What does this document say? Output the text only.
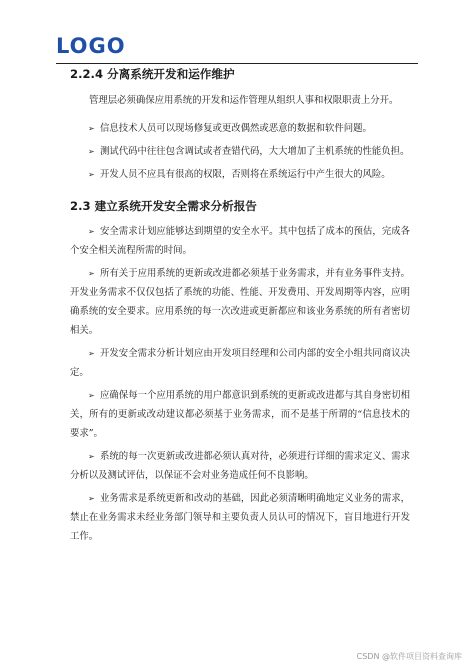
LOGO
2.2.4 分离系统开发和运作维护

管理层必须确保应用系统的开发和运作管理从组织人事和权限职责上分开。

➢ 信息技术人员可以现场修复或更改偶然或恶意的数据和软件问题。
➢ 测试代码中往往包含调试或者查错代码，大大增加了主机系统的性能负担。
➢ 开发人员不应具有很高的权限，否则将在系统运行中产生很大的风险。
2.3 建立系统开发安全需求分析报告
➢ 安全需求计划应能够达到期望的安全水平。其中包括了成本的预估，完成各个安全相关流程所需的时间。
➢ 所有关于应用系统的更新或改进都必须基于业务需求，并有业务事件支持。开发业务需求不仅仅包括了系统的功能、性能、开发费用、开发周期等内容，应明确系统的安全要求。应用系统的每一次改进或更新都应和该业务系统的所有者密切相关。
➢ 开发安全需求分析计划应由开发项目经理和公司内部的安全小组共同商议决定。
➢ 应确保每一个应用系统的用户都意识到系统的更新或改进都与其自身密切相关，所有的更新或改动建议都必须基于业务需求，而不是基于所谓的“信息技术的要求”。
➢ 系统的每一次更新或改进都必须认真对待，必须进行详细的需求定义、需求分析以及测试评估，以保证不会对业务造成任何不良影响。
➢ 业务需求是系统更新和改动的基础，因此必须清晰明确地定义业务的需求，禁止在业务需求未经业务部门领导和主要负责人员认可的情况下，盲目地进行开发工作。
CSDN @软件项目资料查询库
